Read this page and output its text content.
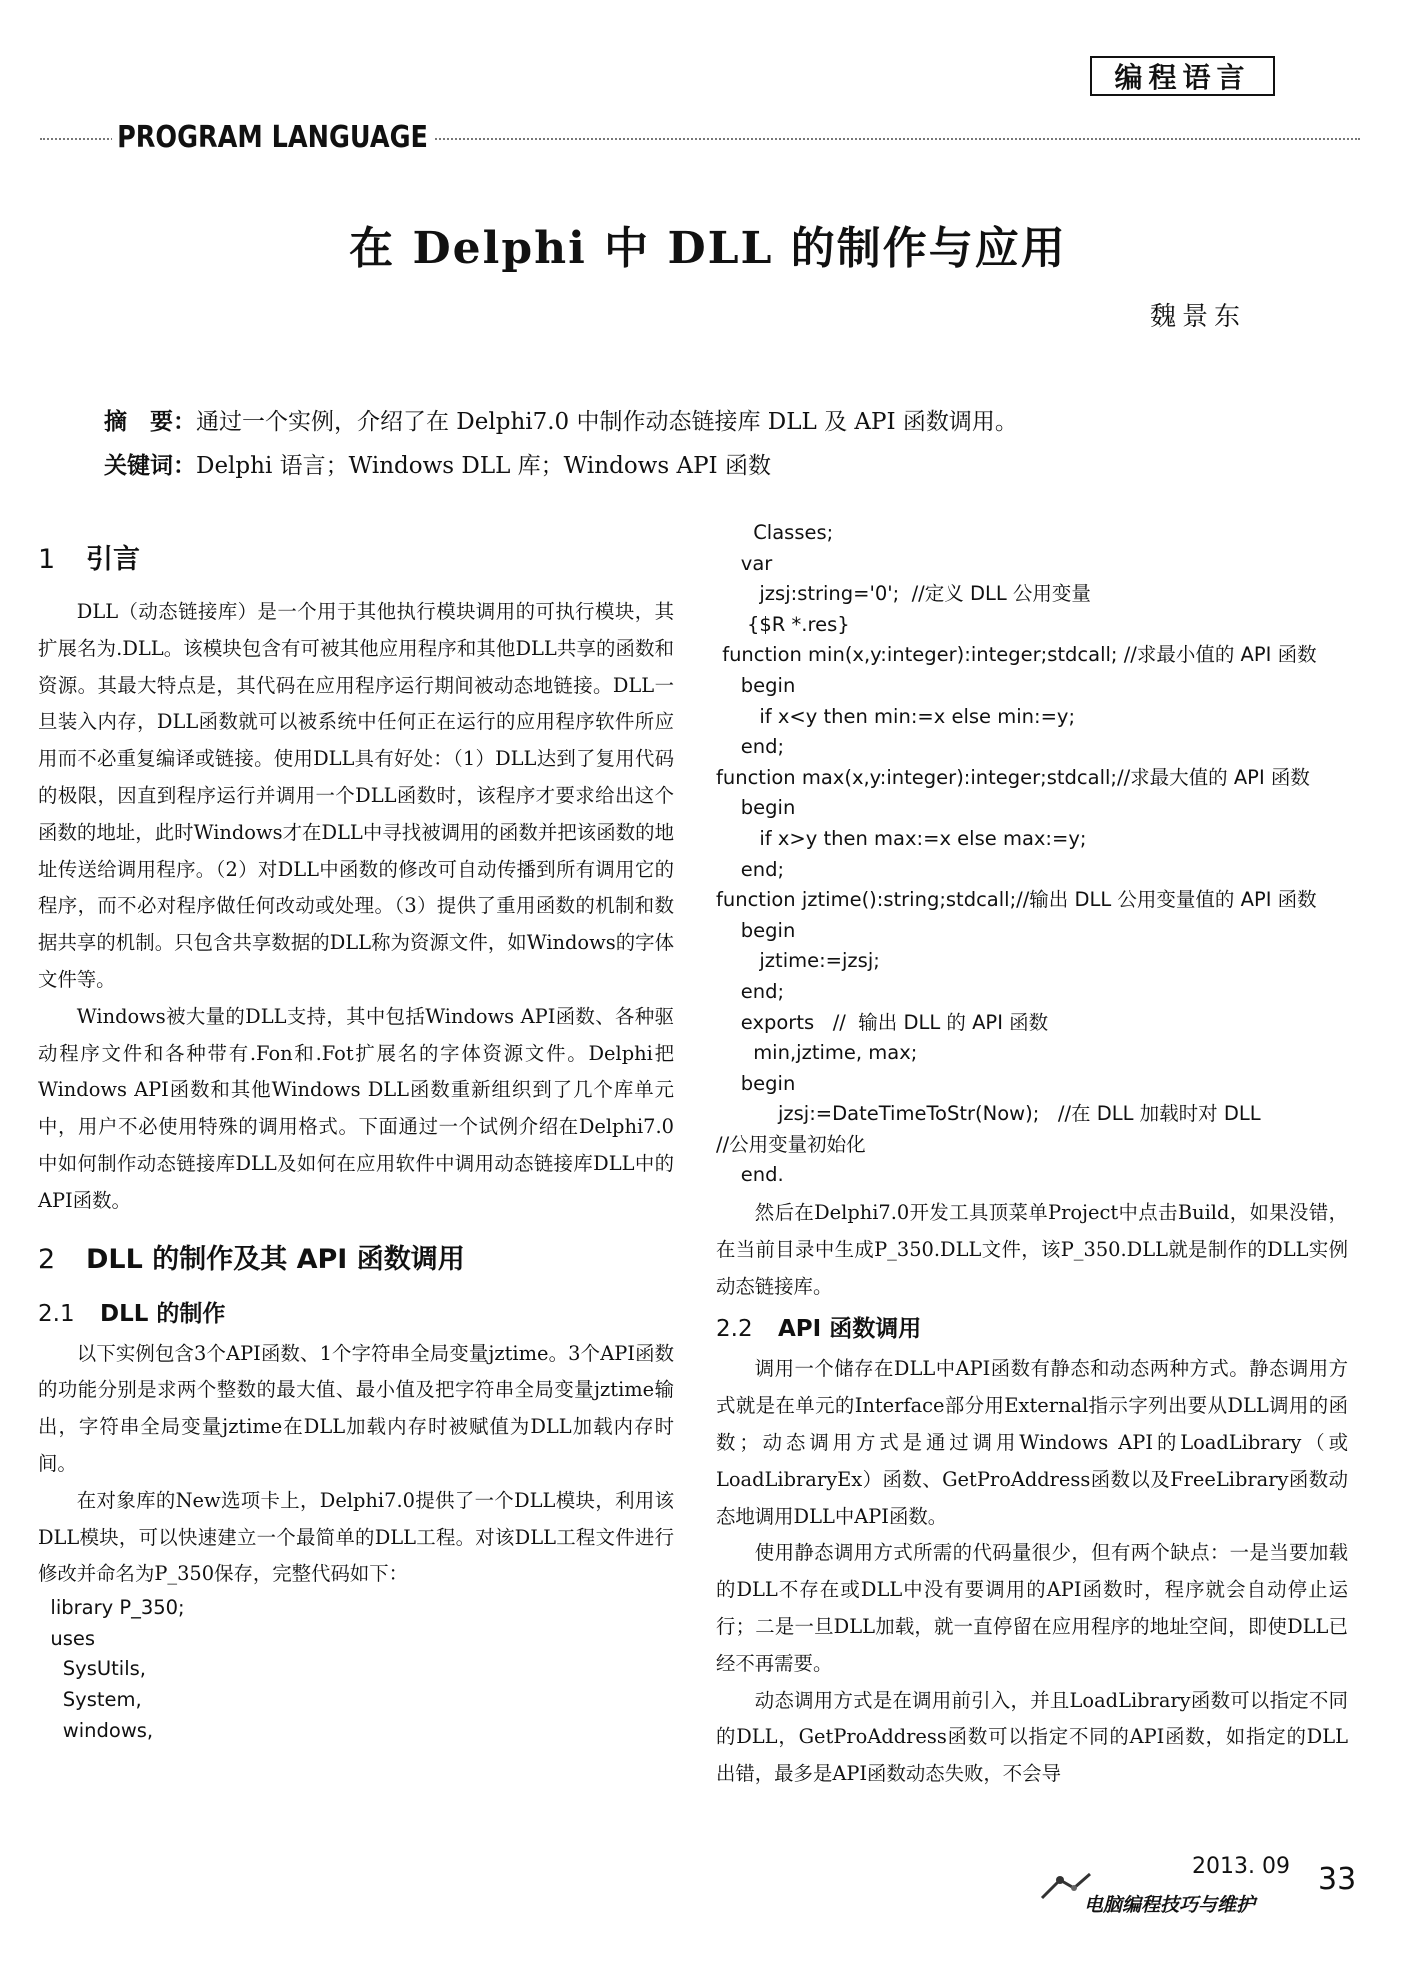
编程语言
PROGRAM LANGUAGE
在 Delphi 中 DLL 的制作与应用
魏景东
摘　要：通过一个实例，介绍了在 Delphi7.0 中制作动态链接库 DLL 及 API 函数调用。
关键词：Delphi 语言；Windows DLL 库；Windows API 函数
1 引言

DLL（动态链接库）是一个用于其他执行模块调用的可执行模块，其扩展名为.DLL。该模块包含有可被其他应用程序和其他DLL共享的函数和资源。其最大特点是，其代码在应用程序运行期间被动态地链接。DLL一旦装入内存，DLL函数就可以被系统中任何正在运行的应用程序软件所应用而不必重复编译或链接。使用DLL具有好处：（1）DLL达到了复用代码的极限，因直到程序运行并调用一个DLL函数时，该程序才要求给出这个函数的地址，此时Windows才在DLL中寻找被调用的函数并把该函数的地址传送给调用程序。（2）对DLL中函数的修改可自动传播到所有调用它的程序，而不必对程序做任何改动或处理。（3）提供了重用函数的机制和数据共享的机制。只包含共享数据的DLL称为资源文件，如Windows的字体文件等。

Windows被大量的DLL支持，其中包括Windows API函数、各种驱动程序文件和各种带有.Fon和.Fot扩展名的字体资源文件。Delphi把Windows API函数和其他Windows DLL函数重新组织到了几个库单元中，用户不必使用特殊的调用格式。下面通过一个试例介绍在Delphi7.0中如何制作动态链接库DLL及如何在应用软件中调用动态链接库DLL中的API函数。

2 DLL 的制作及其 API 函数调用
2.1 DLL 的制作

以下实例包含3个API函数、1个字符串全局变量jztime。3个API函数的功能分别是求两个整数的最大值、最小值及把字符串全局变量jztime输出，字符串全局变量jztime在DLL加载内存时被赋值为DLL加载内存时间。

在对象库的New选项卡上，Delphi7.0提供了一个DLL模块，利用该DLL模块，可以快速建立一个最简单的DLL工程。对该DLL工程文件进行修改并命名为P_350保存，完整代码如下：

library P_350;
uses
SysUtils,
System,
windows,
Classes;
var
jzsj:string='0';  //定义 DLL 公用变量
{$R *.res}
function min(x,y:integer):integer;stdcall; //求最小值的 API 函数
begin
if x<y then min:=x else min:=y;
end;
function max(x,y:integer):integer;stdcall;//求最大值的 API 函数
begin
if x>y then max:=x else max:=y;
end;
function jztime():string;stdcall;//输出 DLL 公用变量值的 API 函数
begin
jztime:=jzsj;
end;
exports   //  输出 DLL 的 API 函数
min,jztime, max;
begin
jzsj:=DateTimeToStr(Now);   //在 DLL 加载时对 DLL
//公用变量初始化
end.

然后在Delphi7.0开发工具顶菜单Project中点击Build，如果没错，在当前目录中生成P_350.DLL文件，该P_350.DLL就是制作的DLL实例动态链接库。

2.2 API 函数调用

调用一个储存在DLL中API函数有静态和动态两种方式。静态调用方式就是在单元的Interface部分用External指示字列出要从DLL调用的函数；动态调用方式是通过调用Windows API的LoadLibrary（或LoadLibraryEx）函数、GetProAddress函数以及FreeLibrary函数动态地调用DLL中API函数。

使用静态调用方式所需的代码量很少，但有两个缺点：一是当要加载的DLL不存在或DLL中没有要调用的API函数时，程序就会自动停止运行；二是一旦DLL加载，就一直停留在应用程序的地址空间，即使DLL已经不再需要。

动态调用方式是在调用前引入，并且LoadLibrary函数可以指定不同的DLL，GetProAddress函数可以指定不同的API函数，如指定的DLL出错，最多是API函数动态失败，不会导

2013. 09
电脑编程技巧与维护
33
